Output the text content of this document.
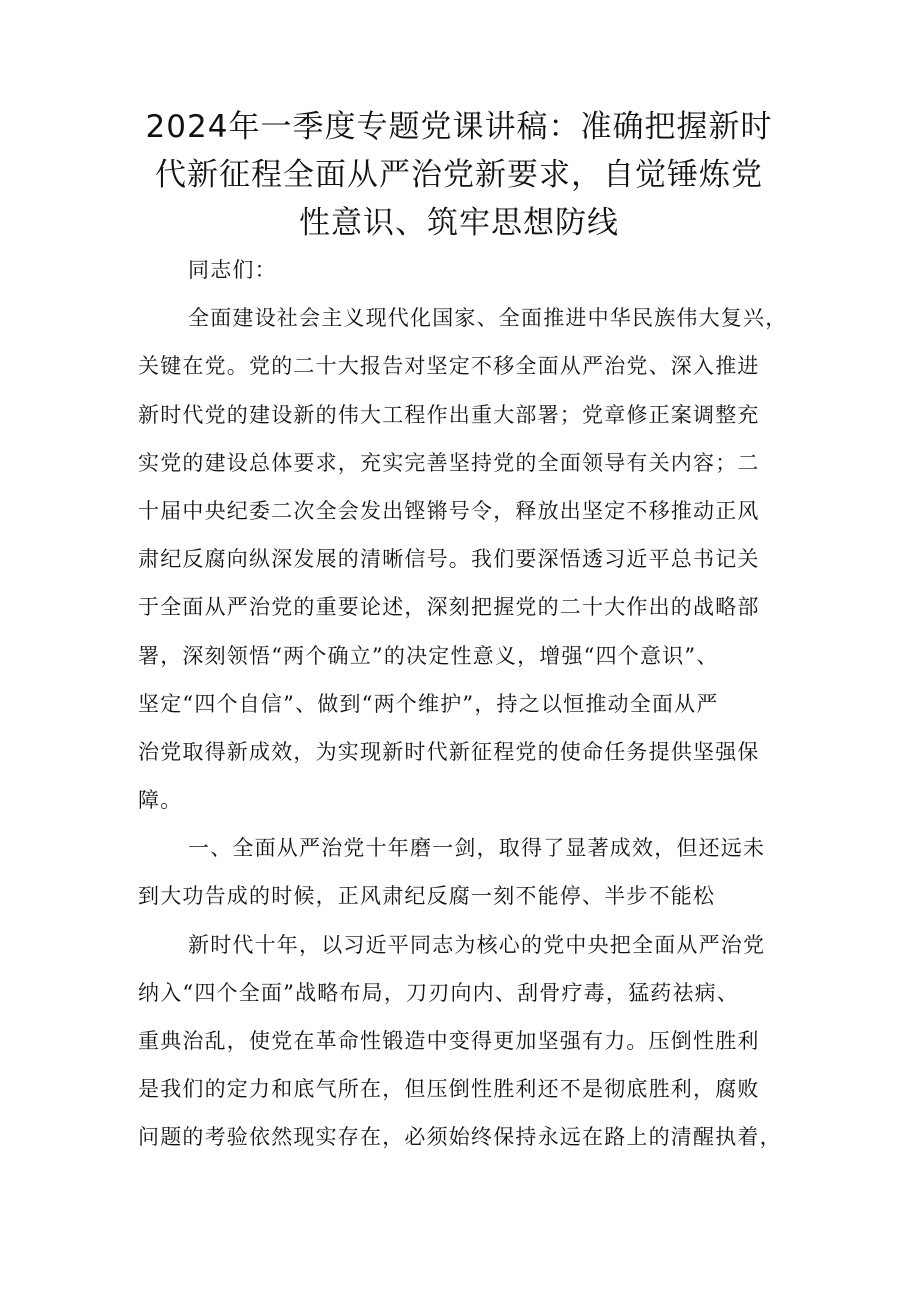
2024年一季度专题党课讲稿：准确把握新时
代新征程全面从严治党新要求，自觉锤炼党
性意识、筑牢思想防线
同志们：
全面建设社会主义现代化国家、全面推进中华民族伟大复兴，
关键在党。党的二十大报告对坚定不移全面从严治党、深入推进
新时代党的建设新的伟大工程作出重大部署；党章修正案调整充
实党的建设总体要求，充实完善坚持党的全面领导有关内容；二
十届中央纪委二次全会发出铿锵号令，释放出坚定不移推动正风
肃纪反腐向纵深发展的清晰信号。我们要深悟透习近平总书记关
于全面从严治党的重要论述，深刻把握党的二十大作出的战略部
署，深刻领悟“两个确立”的决定性意义，增强“四个意识”、
坚定“四个自信”、做到“两个维护”，持之以恒推动全面从严
治党取得新成效，为实现新时代新征程党的使命任务提供坚强保
障。
一、全面从严治党十年磨一剑，取得了显著成效，但还远未
到大功告成的时候，正风肃纪反腐一刻不能停、半步不能松
新时代十年，以习近平同志为核心的党中央把全面从严治党
纳入“四个全面”战略布局，刀刃向内、刮骨疗毒，猛药祛病、
重典治乱，使党在革命性锻造中变得更加坚强有力。压倒性胜利
是我们的定力和底气所在，但压倒性胜利还不是彻底胜利，腐败
问题的考验依然现实存在，必须始终保持永远在路上的清醒执着，
